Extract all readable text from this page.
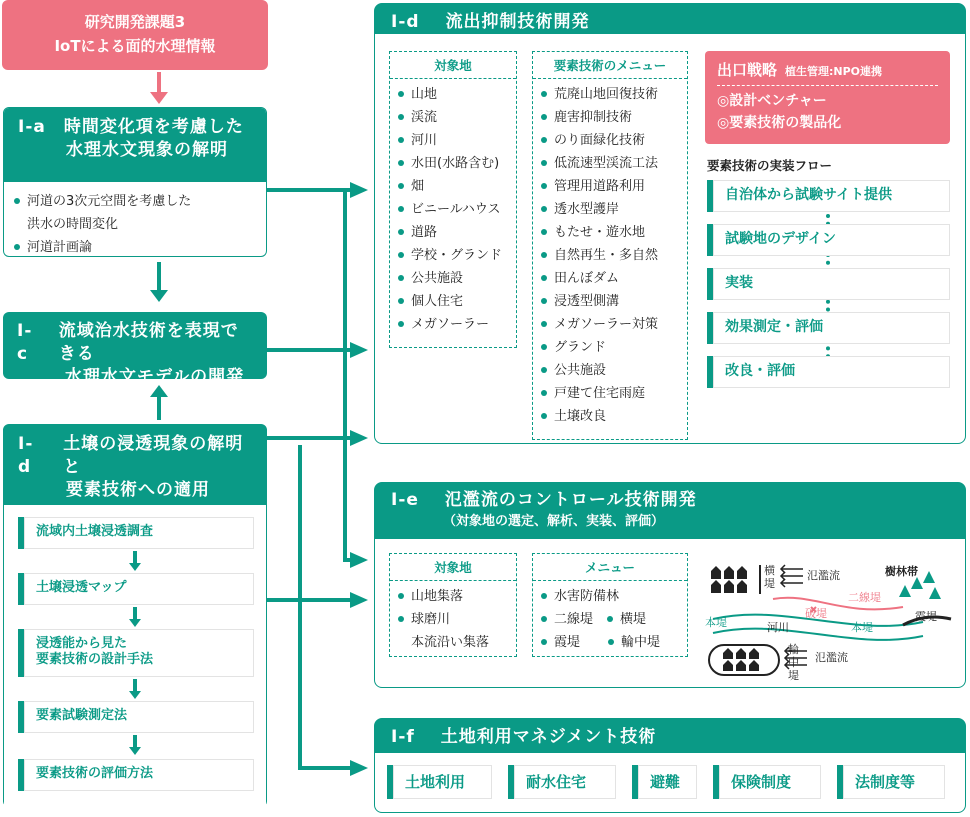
研究開発課題3
IoTによる面的水理情報
I-a 時間変化項を考慮した
水理水文現象の解明
河道の3次元空間を考慮した
洪水の時間変化
河道計画論
I-c
流域治水技術を表現できる
水理水文モデルの開発
I-d
土壌の浸透現象の解明と
要素技術への適用
流域内土壌浸透調査
土壌浸透マップ
浸透能から見た
要素技術の設計手法
要素試験測定法
要素技術の評価方法
I-d 流出抑制技術開発
対象地
山地
渓流
河川
水田(水路含む)
畑
ビニールハウス
道路
学校・グランド
公共施設
個人住宅
メガソーラー
要素技術のメニュー
荒廃山地回復技術
鹿害抑制技術
のり面緑化技術
低流速型渓流工法
管理用道路利用
透水型護岸
もたせ・遊水地
自然再生・多自然
田んぼダム
浸透型側溝
メガソーラー対策
グランド
公共施設
戸建て住宅雨庭
土壌改良
出口戦略 植生管理:NPO連携
◎設計ベンチャー
◎要素技術の製品化
要素技術の実装フロー
自治体から試験サイト提供
試験地のデザイン
実装
効果測定・評価
改良・評価
I-e 氾濫流のコントロール技術開発
（対象地の選定、解析、実装、評価）
対象地
山地集落
球磨川
本流沿い集落
メニュー
水害防備林
二線堤 横堤
霞堤	輪中堤
横
堤
氾濫流	樹林帯
二線堤
破堤	霞堤
本堤	河川	本堤
輪
中
堤
氾濫流
I-f 土地利用マネジメント技術
土地利用	耐水住宅	避難	保険制度	法制度等
